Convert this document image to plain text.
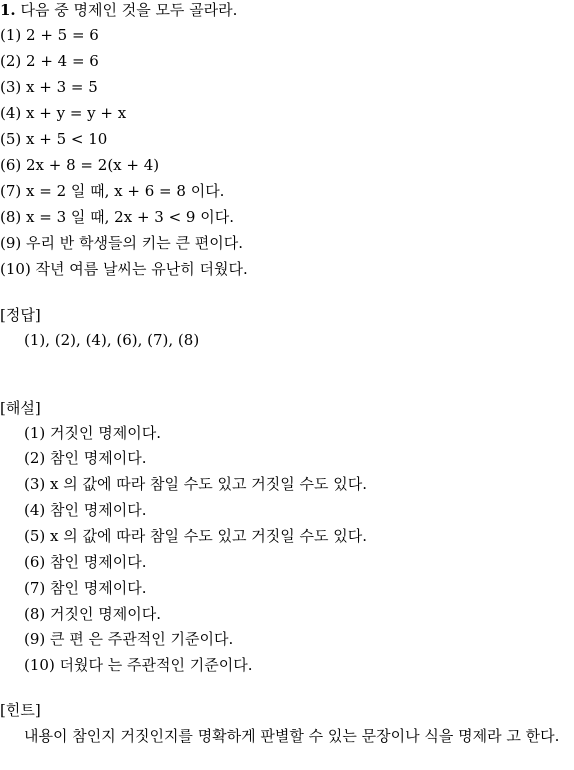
1. 다음 중 명제인 것을 모두 골라라.
(1) 2 + 5 = 6
(2) 2 + 4 = 6
(3) x + 3 = 5
(4) x + y = y + x
(5) x + 5 < 10
(6) 2x + 8 = 2(x + 4)
(7) x = 2 일 때, x + 6 = 8 이다.
(8) x = 3 일 때, 2x + 3 < 9 이다.
(9) 우리 반 학생들의 키는 큰 편이다.
(10) 작년 여름 날씨는 유난히 더웠다.
[정답]
(1), (2), (4), (6), (7), (8)
[해설]
(1) 거짓인 명제이다.
(2) 참인 명제이다.
(3) x 의 값에 따라 참일 수도 있고 거짓일 수도 있다.
(4) 참인 명제이다.
(5) x 의 값에 따라 참일 수도 있고 거짓일 수도 있다.
(6) 참인 명제이다.
(7) 참인 명제이다.
(8) 거짓인 명제이다.
(9) 큰 편 은 주관적인 기준이다.
(10) 더웠다 는 주관적인 기준이다.
[힌트]
내용이 참인지 거짓인지를 명확하게 판별할 수 있는 문장이나 식을 명제라 고 한다.
